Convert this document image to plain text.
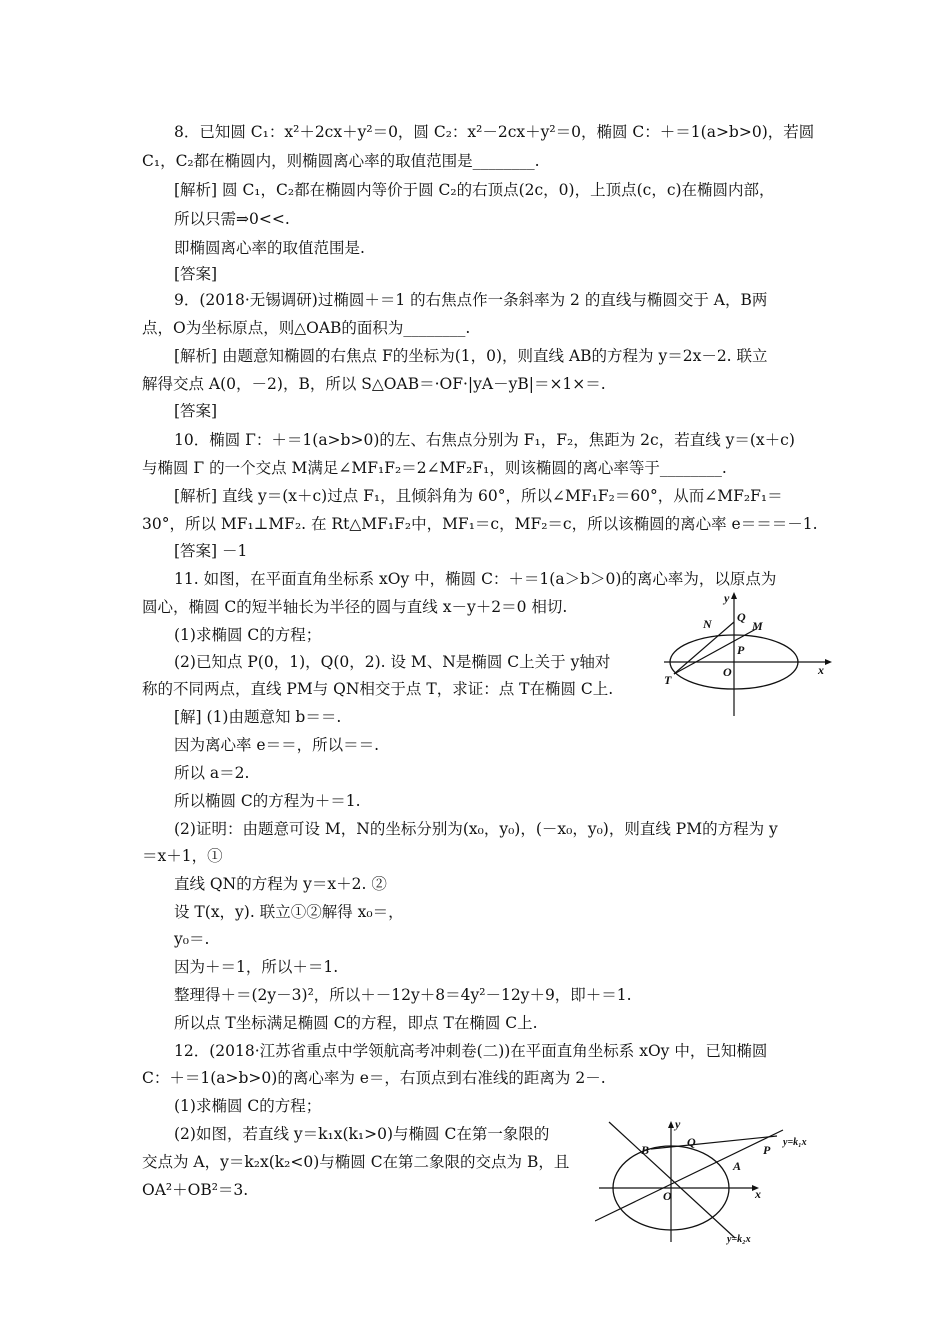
8．已知圆 C₁：x²＋2cx＋y²＝0，圆 C₂：x²－2cx＋y²＝0，椭圆 C：＋＝1(a>b>0)，若圆
C₁，C₂都在椭圆内，则椭圆离心率的取值范围是________.
[解析] 圆 C₁，C₂都在椭圆内等价于圆 C₂的右顶点(2c，0)，上顶点(c，c)在椭圆内部，
所以只需⇒0<<.
即椭圆离心率的取值范围是.
[答案]
9．(2018·无锡调研)过椭圆＋＝1 的右焦点作一条斜率为 2 的直线与椭圆交于 A，B两
点，O为坐标原点，则△OAB的面积为________.
[解析] 由题意知椭圆的右焦点 F的坐标为(1，0)，则直线 AB的方程为 y＝2x－2. 联立
解得交点 A(0，－2)，B，所以 S△OAB＝·OF·|yA－yB|＝×1×＝.
[答案]
10．椭圆 Γ：＋＝1(a>b>0)的左、右焦点分别为 F₁，F₂，焦距为 2c，若直线 y＝(x＋c)
与椭圆 Γ 的一个交点 M满足∠MF₁F₂＝2∠MF₂F₁，则该椭圆的离心率等于________.
[解析] 直线 y＝(x＋c)过点 F₁，且倾斜角为 60°，所以∠MF₁F₂＝60°，从而∠MF₂F₁＝
30°，所以 MF₁⊥MF₂. 在 Rt△MF₁F₂中，MF₁＝c，MF₂＝c，所以该椭圆的离心率 e＝＝＝－1.
[答案] －1
11. 如图，在平面直角坐标系 xOy 中，椭圆 C：＋＝1(a＞b＞0)的离心率为，以原点为
圆心，椭圆 C的短半轴长为半径的圆与直线 x－y＋2＝0 相切.
(1)求椭圆 C的方程；
(2)已知点 P(0，1)，Q(0，2). 设 M、N是椭圆 C上关于 y轴对
称的不同两点，直线 PM与 QN相交于点 T，求证：点 T在椭圆 C上.
[解] (1)由题意知 b＝＝.
因为离心率 e＝＝，所以＝＝.
所以 a＝2.
所以椭圆 C的方程为＋＝1.
(2)证明：由题意可设 M，N的坐标分别为(x₀，y₀)，(－x₀，y₀)，则直线 PM的方程为 y
＝x＋1，①
直线 QN的方程为 y＝x＋2. ②
设 T(x，y). 联立①②解得 x₀＝，
y₀＝.
因为＋＝1，所以＋＝1.
整理得＋＝(2y－3)²，所以＋－12y＋8＝4y²－12y＋9，即＋＝1.
所以点 T坐标满足椭圆 C的方程，即点 T在椭圆 C上.
12．(2018·江苏省重点中学领航高考冲刺卷(二))在平面直角坐标系 xOy 中，已知椭圆
C：＋＝1(a>b>0)的离心率为 e＝，右顶点到右准线的距离为 2－.
(1)求椭圆 C的方程；
(2)如图，若直线 y＝k₁x(k₁>0)与椭圆 C在第一象限的
交点为 A，y＝k₂x(k₂<0)与椭圆 C在第二象限的交点为 B，且
OA²＋OB²＝3.
y
x
N Q
M
P
O
T
y
x
B
Q
P
A
O
y=k₁x
y=k₂x
